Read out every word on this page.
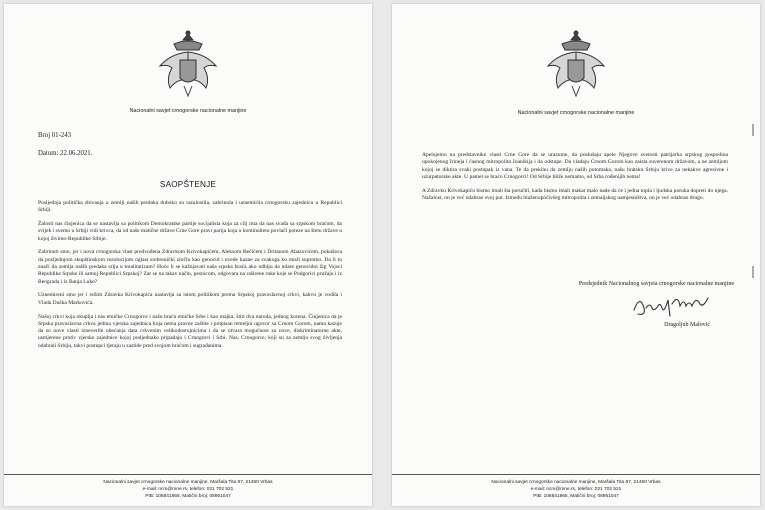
Nacionalni savjet crnogorske nacionalne manjine
Broj 01-243
Datum: 22.06.2021.
SAOPŠTENJE

Posljednja politička zbivanja u zemlji naših predaka duboko su razalostila, zabrinula i uznemirila crnogorsku zajednicu u Republici Srbiji.

Žalosti nas činjenica da se nastavlja sa politikom Demokratske partije socijalista koja za cilj ima da nas svađa sa srpskom braćom, da svijek i svemu u Srbiji vidi krivca, da od naše matične države Crne Gore pravi parija koja u kontinuitetu povlači poteze na štetu države u kojoj živimo-Republike Srbije.

Zabrinuti smo, jer i nova crnogorska vlast predvođena Zdravkom Krivokapićem, Aleksom Bečićem i Dritanom Abazovićem, pokušava da posljednjom skupštinskom rezolucijom oglasi srebrenički zločin kao genocid i uvede kazne za svakoga ko misli suprotno. Da li to znači da zemlja naših predaka srlja u totalitarizam? Hoće li se kažnjavati naša srpska braća ako odbiju da udare genocidni žig Vojsci Republike Srpske ili samoj Republici Srpskoj? Zar se na takav način, pesnicom, odgovara na raširene ruke koje se Podgorici pružaju i iz Beograda i iz Banja Luke?

Uznemireni smo jer i režim Zdravka Krivokapića nastavlja sa istom politikom prema Srpskoj pravoslavnoj crkvi, kakvu je vodila i Vlada Duška Markovića.

Našoj crkvi koja okuplja i nas etničke Crnogorce i našu braću etničke Srbe i kao majka, štiti dva naroda, jednog korena. Činjenica da je Srpska pravoslavna crkva jedina vjerska zajednica koja nema pravne zaštite i potpisan temeljni ugovor sa Crnom Gorom, nama kazuje da su nove vlasti izneverile obećanja data crkvenim velikodostojnicima i da se otvara mogućnost za nove, diskriminatorne akte, usmjerene protiv vjerske zajednice kojoj podjednako pripadaju i Crnogorci i Srbi. Nas, Crnogorce, koji su za zemlju svog življenja odabrali Srbiju, takvi postupci tjeraju u zastide pred svojom braćom i sugrađanima.

Nacionalni savjet crnogorske nacionalne manjine, Maršala Tita 87, 21460 Vrbas
e-mail: ncm@mne.rs, telefon: 021 702 521
PIB: 108841865, Matični broj: 08951047
Nacionalni savjet crnogorske nacionalne manjine

Apelujemo na predstavnike vlasti Crne Gore da se urazume, da poslušaju apele Njegove svetosti patrijarha srpskog gospodina upokojenog Irineja i časnog mitropolita Joanikija i da odstupe. Da vladaju Crnom Gorom kao zaista suverenom državom, a ne zemljom kojoj se diktira svaki postupak iz vana. Te da prekinu da zemlju naših potomaka, našu bratsku Srbiju krive za nekakve agresivne i uzurpatorske akte. U pamet se braćo Crnogorci! Od Srbije bliže nemamo, od Srba rođenijih nema!

A Zdravku Krivokapiću bismo imali šta poručiti, kada bismo imali makar malo nade da će i jedna topla i ljudska poruka dopreti do njega. Nažalost, on je već odabrao svoj put. Između blaženopočivšeg mitropolita i zemaljskog namjesništva, on je već odabrao drugo.

Predsjednik Nacionalnog savjeta crnogorske nacionalne manjine
Dragoljub Malović
Nacionalni savjet crnogorske nacionalne manjine, Maršala Tita 87, 21460 Vrbas
e-mail: ncm@mne.rs, telefon: 021 702 521
PIB: 108841865, Matični broj: 08951047
